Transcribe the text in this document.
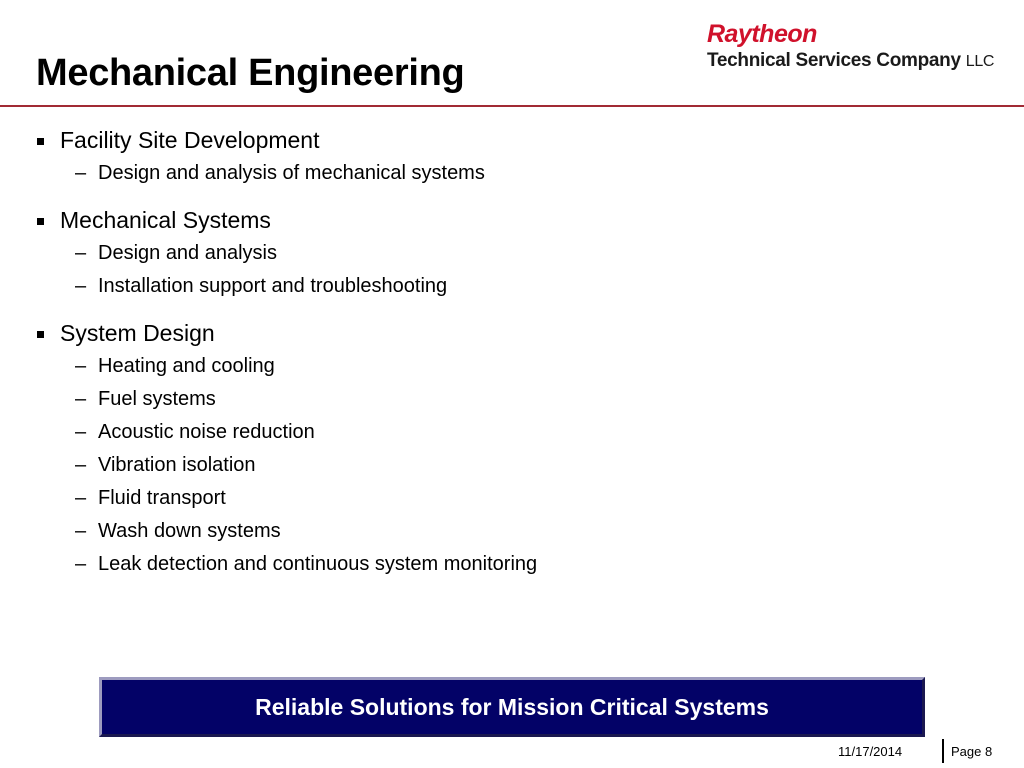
Mechanical Engineering
Raytheon
Technical Services Company LLC
Facility Site Development
– Design and analysis of mechanical systems
Mechanical Systems
– Design and analysis
– Installation support and troubleshooting
System Design
– Heating and cooling
– Fuel systems
– Acoustic noise reduction
– Vibration isolation
– Fluid transport
– Wash down systems
– Leak detection and continuous system monitoring
Reliable Solutions for Mission Critical Systems
11/17/2014	Page 8
